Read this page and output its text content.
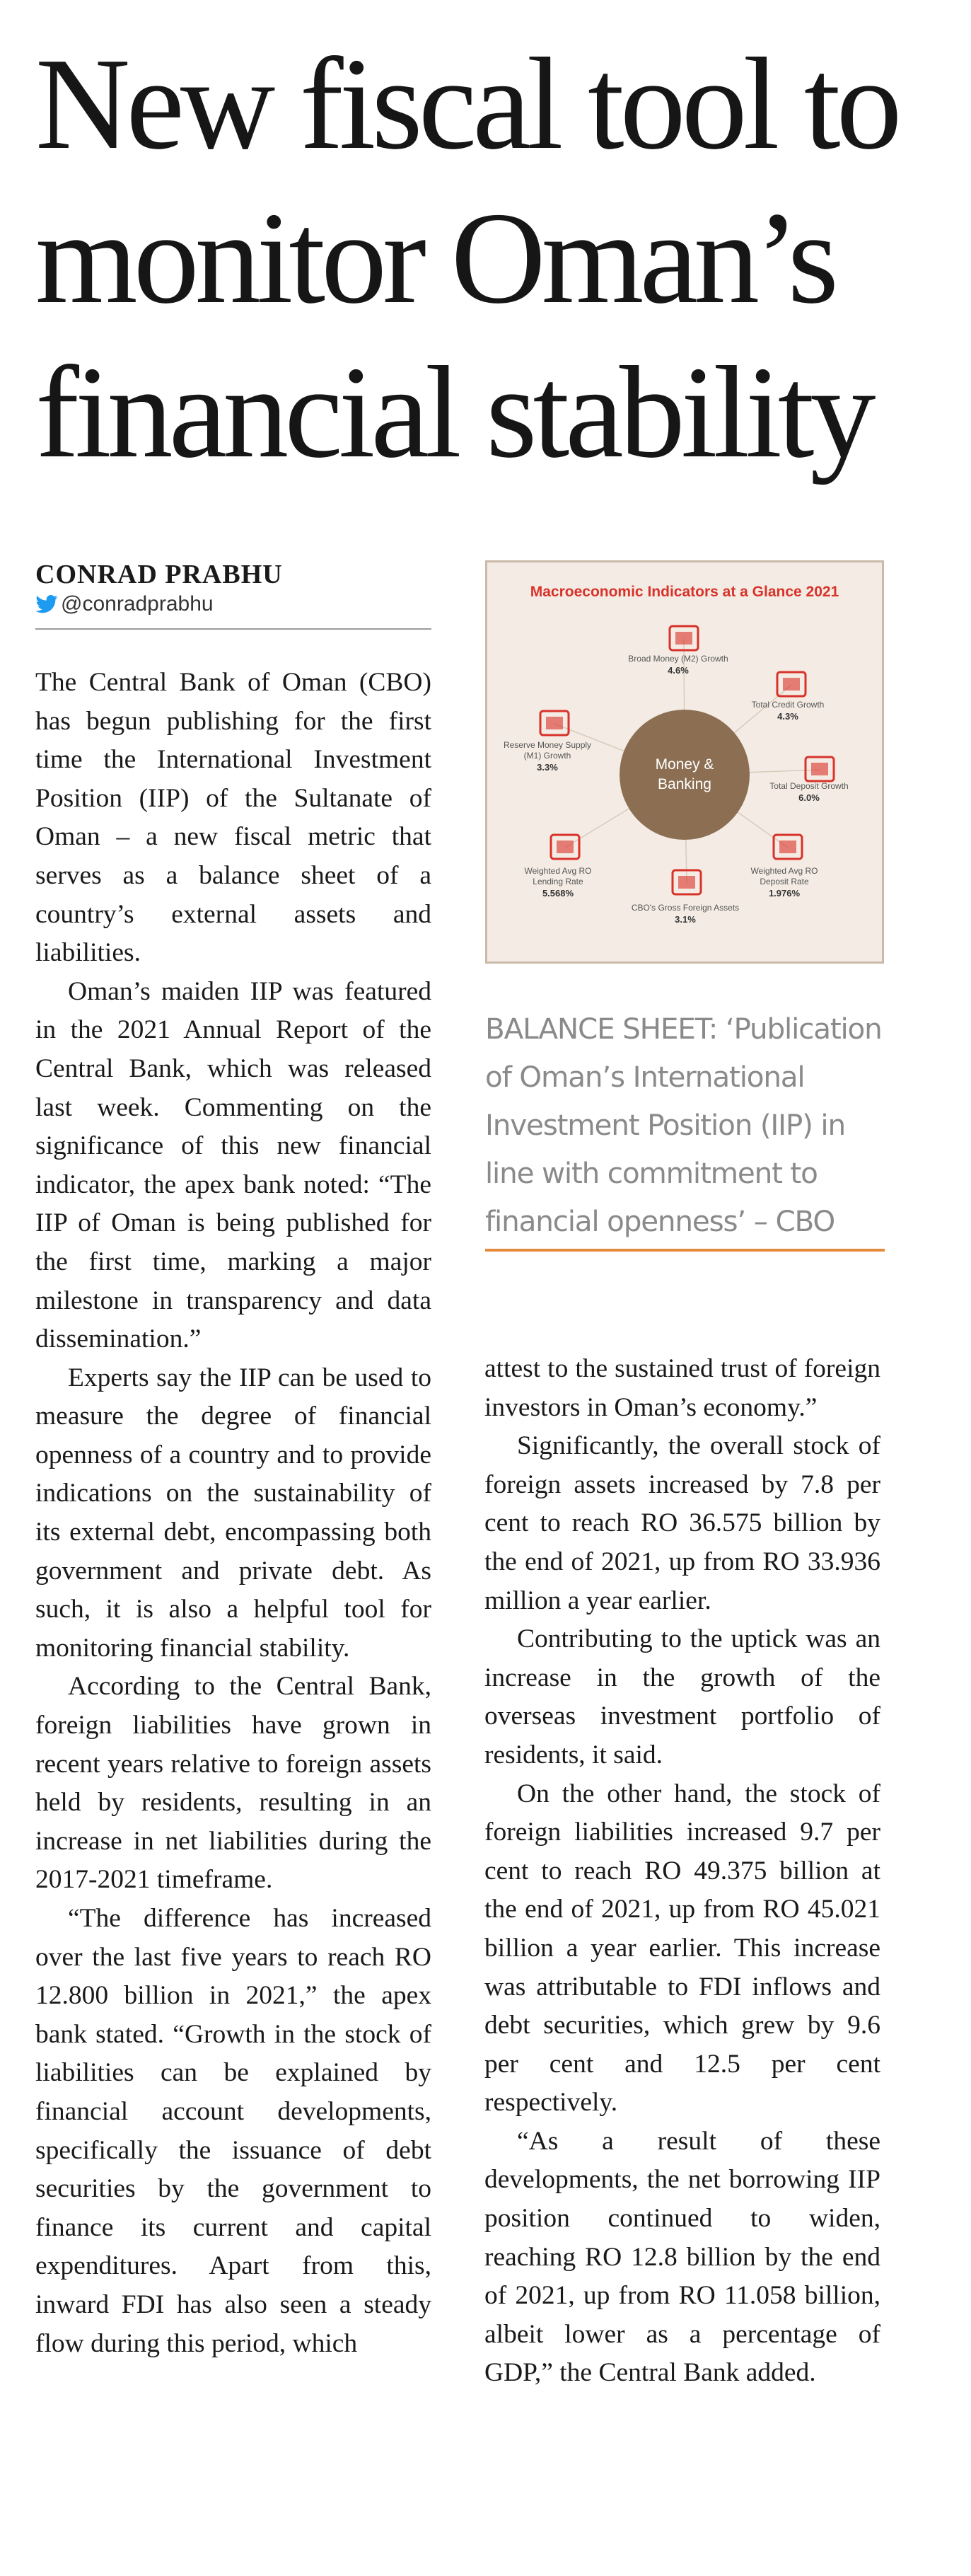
New fiscal tool to
monitor Oman’s
financial stability
CONRAD PRABHU
@conradprabhu

The Central Bank of Oman (CBO) has begun publishing for the first time the International Investment Position (IIP) of the Sultanate of Oman – a new fiscal metric that serves as a balance sheet of a country’s external assets and liabilities.

Oman’s maiden IIP was featured in the 2021 Annual Report of the Central Bank, which was released last week. Commenting on the significance of this new financial indicator, the apex bank noted: “The IIP of Oman is being published for the first time, marking a major milestone in transparency and data dissemination.”

Experts say the IIP can be used to measure the degree of financial openness of a country and to provide indications on the sustainability of its external debt, encompassing both government and private debt. As such, it is also a helpful tool for monitoring financial stability.

According to the Central Bank, foreign liabilities have grown in recent years relative to foreign assets held by residents, resulting in an increase in net liabilities during the 2017-2021 timeframe.

“The difference has increased over the last five years to reach RO 12.800 billion in 2021,” the apex bank stated. “Growth in the stock of liabilities can be explained by financial account developments, specifically the issuance of debt securities by the government to finance its current and capital expenditures. Apart from this, inward FDI has also seen a steady flow during this period, which

attest to the sustained trust of foreign investors in Oman’s economy.”

Significantly, the overall stock of foreign assets increased by 7.8 per cent to reach RO 36.575 billion by the end of 2021, up from RO 33.936 million a year earlier.

Contributing to the uptick was an increase in the growth of the overseas investment portfolio of residents, it said.

On the other hand, the stock of foreign liabilities increased 9.7 per cent to reach RO 49.375 billion at the end of 2021, up from RO 45.021 billion a year earlier. This increase was attributable to FDI inflows and debt securities, which grew by 9.6 per cent and 12.5 per cent respectively.

“As a result of these developments, the net borrowing IIP position continued to widen, reaching RO 12.8 billion by the end of 2021, up from RO 11.058 billion, albeit lower as a percentage of GDP,” the Central Bank added.

Macroeconomic Indicators at a Glance 2021
Money &
Banking
Broad Money (M2) Growth
4.6%
Total Credit Growth
4.3%
Total Deposit Growth
6.0%
Weighted Avg RO
Deposit Rate
1.976%
CBO's Gross Foreign Assets
3.1%
Weighted Avg RO
Lending Rate
5.568%
Reserve Money Supply
(M1) Growth
3.3%
BALANCE SHEET: ‘Publication
of Oman’s International
Investment Position (IIP) in
line with commitment to
financial openness’ – CBO
